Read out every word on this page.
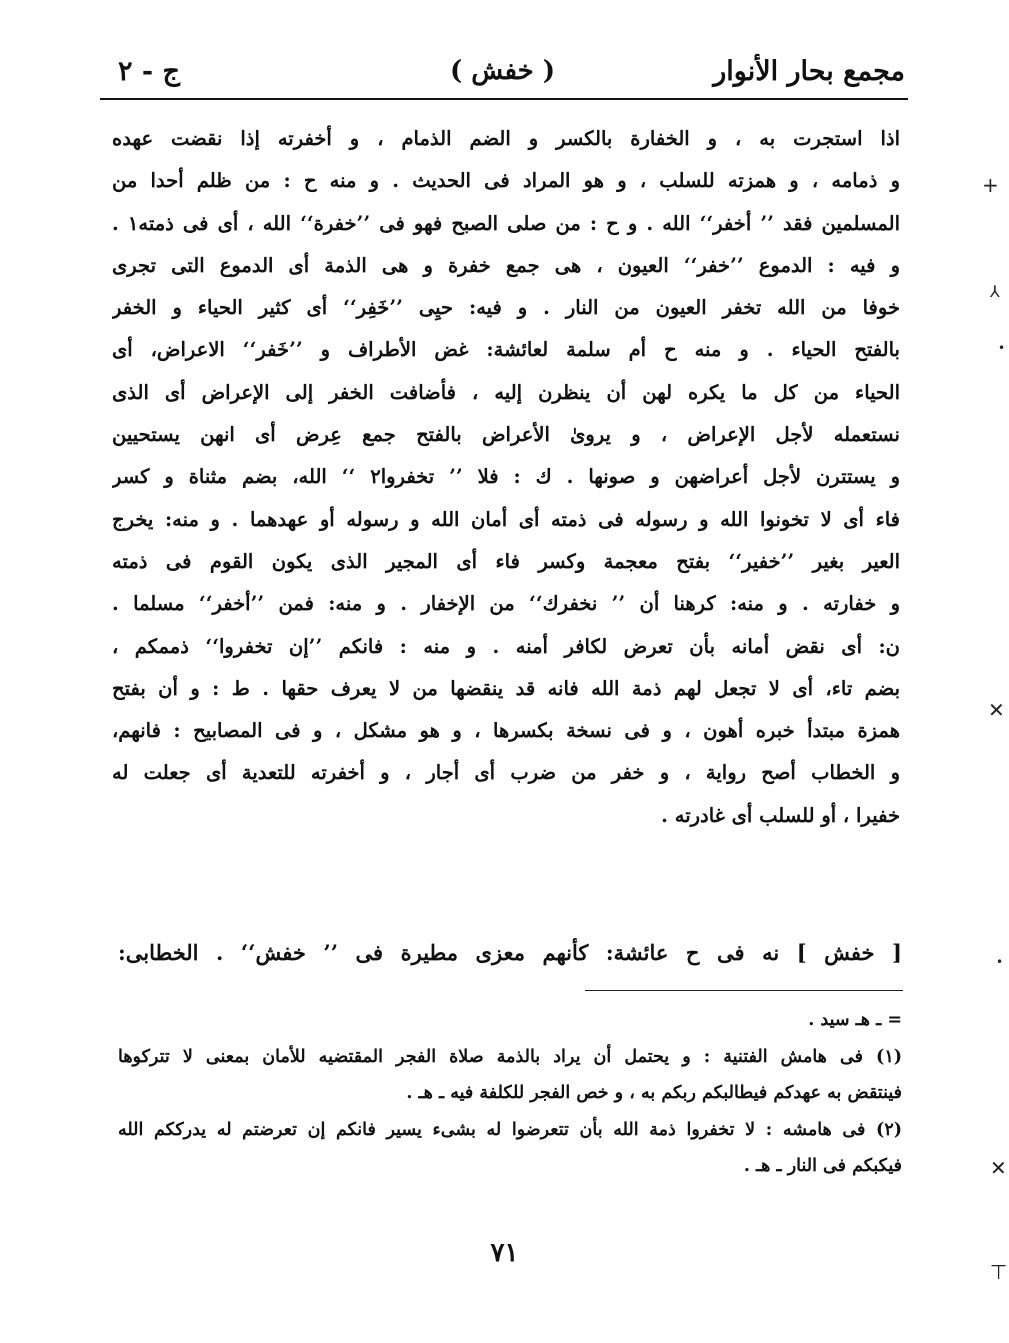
مجمع بحار الأنوار
( خفش )
ج - ٢
اذا استجرت به ، و الخفارة بالكسر و الضم الذمام ، و أخفرته إذا نقضت عهده
و ذمامه ، و همزته للسلب ، و هو المراد فى الحديث . و منه ح : من ظلم أحدا من
المسلمين فقد ’’ أخفر‘‘ الله . و ح : من صلى الصبح فهو فى ’’خفرة‘‘ الله ، أى فى ذمته١ .
و فيه : الدموع ’’خفر‘‘ العيون ، هى جمع خفرة و هى الذمة أى الدموع التى تجرى
خوفا من الله تخفر العيون من النار . و فيه: حيِى ’’خَفِر‘‘ أى كثير الحياء و الخفر
بالفتح الحياء . و منه ح أم سلمة لعائشة: غض الأطراف و ’’خَفر‘‘ الاعراض، أى
الحياء من كل ما يكره لهن أن ينظرن إليه ، فأضافت الخفر إلى الإعراض أى الذى
نستعمله لأجل الإعراض ، و يروىٰ الأعراض بالفتح جمع عِرض أى انهن يستحيين
و يستترن لأجل أعراضهن و صونها . ك : فلا ’’ تخفروا٢ ‘‘ الله، بضم مثناة و كسر
فاء أى لا تخونوا الله و رسوله فى ذمته أى أمان الله و رسوله أو عهدهما . و منه: يخرج
العير بغير ’’خفير‘‘ بفتح معجمة وكسر فاء أى المجير الذى يكون القوم فى ذمته
و خفارته . و منه: كرهنا أن ’’ نخفرك‘‘ من الإخفار . و منه: فمن ’’أخفر‘‘ مسلما .
ن: أى نقض أمانه بأن تعرض لكافر أمنه . و منه : فانكم ’’إن تخفروا‘‘ ذممكم ،
بضم تاء، أى لا تجعل لهم ذمة الله فانه قد ينقضها من لا يعرف حقها . ط : و أن بفتح
همزة مبتدأ خبره أهون ، و فى نسخة بكسرها ، و هو مشكل ، و فى المصابيح : فانهم،
و الخطاب أصح رواية ، و خفر من ضرب أى أجار ، و أخفرته للتعدية أى جعلت له
خفيرا ، أو للسلب أى غادرته .
[ خفش ] نه فى ح عائشة: كأنهم معزى مطيرة فى ’’ خفش‘‘ . الخطابى:
= ـ هـ سيد .
(١) فى هامش الفتنية : و يحتمل أن يراد بالذمة صلاة الفجر المقتضيه للأمان بمعنى لا تتركوها
فينتقض به عهدكم فيطالبكم ربكم به ، و خص الفجر للكلفة فيه ـ هـ .
(٢) فى هامشه : لا تخفروا ذمة الله بأن تتعرضوا له بشىء يسير فانكم إن تعرضتم له يدرككم الله
فيكبكم فى النار ـ هـ .
٧١
+
⅄
•
✕
•
✕
⊤
